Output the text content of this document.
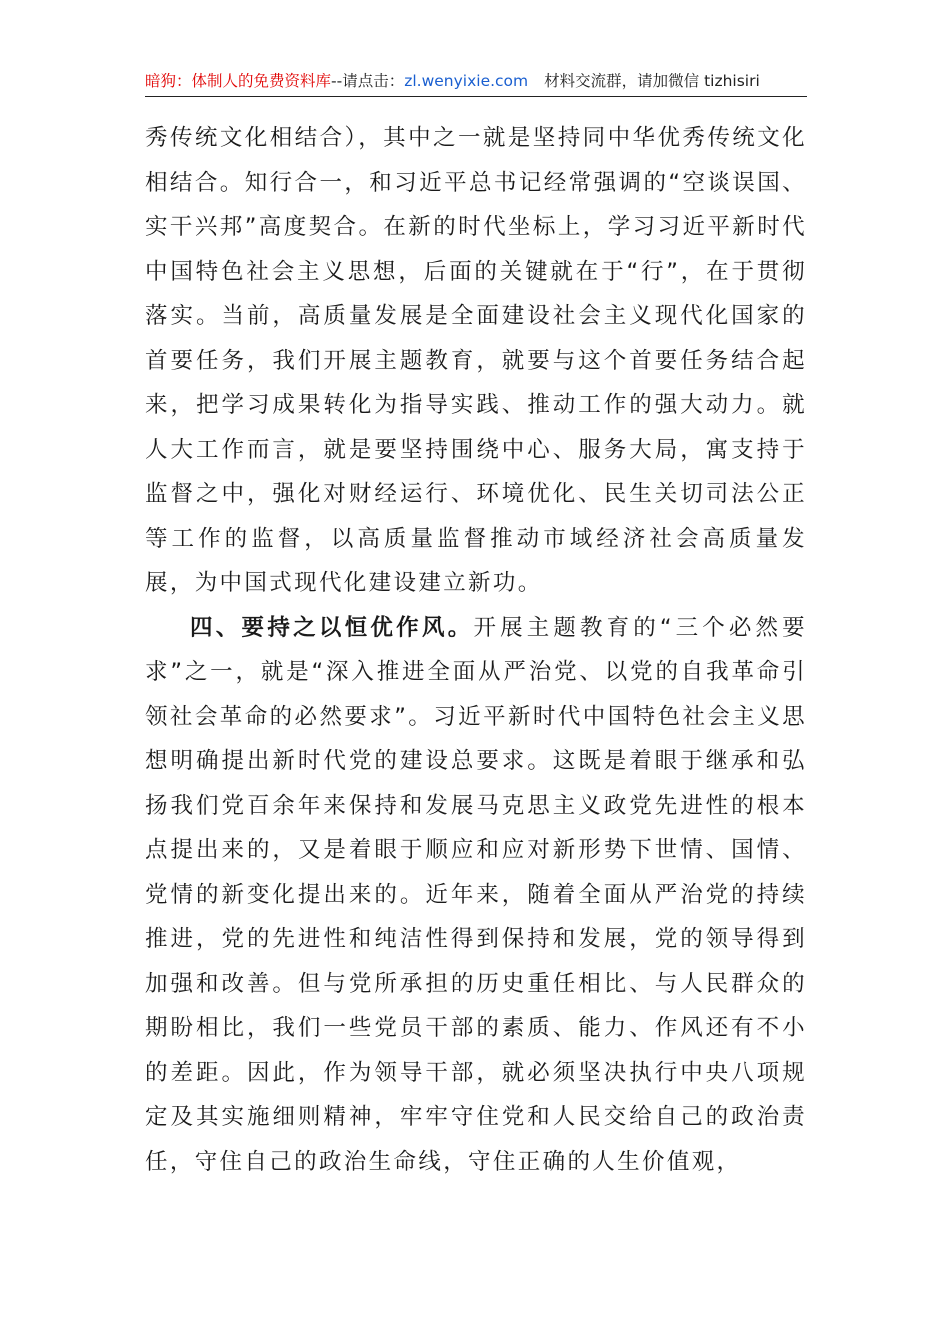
暗狗：体制人的免费资料库--请点击：zl.wenyixie.com 材料交流群，请加微信 tizhisiri

秀传统文化相结合），其中之一就是坚持同中华优秀传统文化相结合。知行合一，和习近平总书记经常强调的“空谈误国、实干兴邦”高度契合。在新的时代坐标上，学习习近平新时代中国特色社会主义思想，后面的关键就在于“行”，在于贯彻落实。当前，高质量发展是全面建设社会主义现代化国家的首要任务，我们开展主题教育，就要与这个首要任务结合起来，把学习成果转化为指导实践、推动工作的强大动力。就人大工作而言，就是要坚持围绕中心、服务大局，寓支持于监督之中，强化对财经运行、环境优化、民生关切司法公正等工作的监督，以高质量监督推动市域经济社会高质量发展，为中国式现代化建设建立新功。

四、要持之以恒优作风。开展主题教育的“三个必然要求”之一，就是“深入推进全面从严治党、以党的自我革命引领社会革命的必然要求”。习近平新时代中国特色社会主义思想明确提出新时代党的建设总要求。这既是着眼于继承和弘扬我们党百余年来保持和发展马克思主义政党先进性的根本点提出来的，又是着眼于顺应和应对新形势下世情、国情、党情的新变化提出来的。近年来，随着全面从严治党的持续推进，党的先进性和纯洁性得到保持和发展，党的领导得到加强和改善。但与党所承担的历史重任相比、与人民群众的期盼相比，我们一些党员干部的素质、能力、作风还有不小的差距。因此，作为领导干部，就必须坚决执行中央八项规定及其实施细则精神，牢牢守住党和人民交给自己的政治责任，守住自己的政治生命线，守住正确的人生价值观，
